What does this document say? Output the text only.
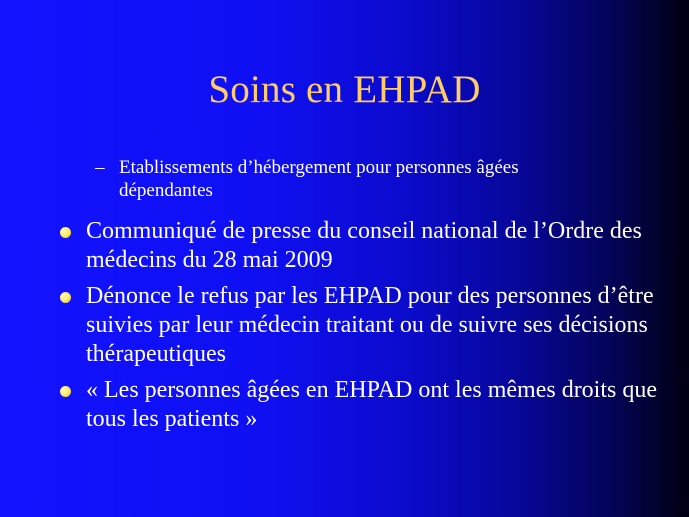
Soins en EHPAD
– Etablissements d’hébergement pour personnes âgées dépendantes
Communiqué de presse du conseil national de l’Ordre des médecins du 28 mai 2009
Dénonce le refus par les EHPAD pour des personnes d’être suivies par leur médecin traitant ou de suivre ses décisions thérapeutiques
« Les personnes âgées en EHPAD ont les mêmes droits que tous les patients »
